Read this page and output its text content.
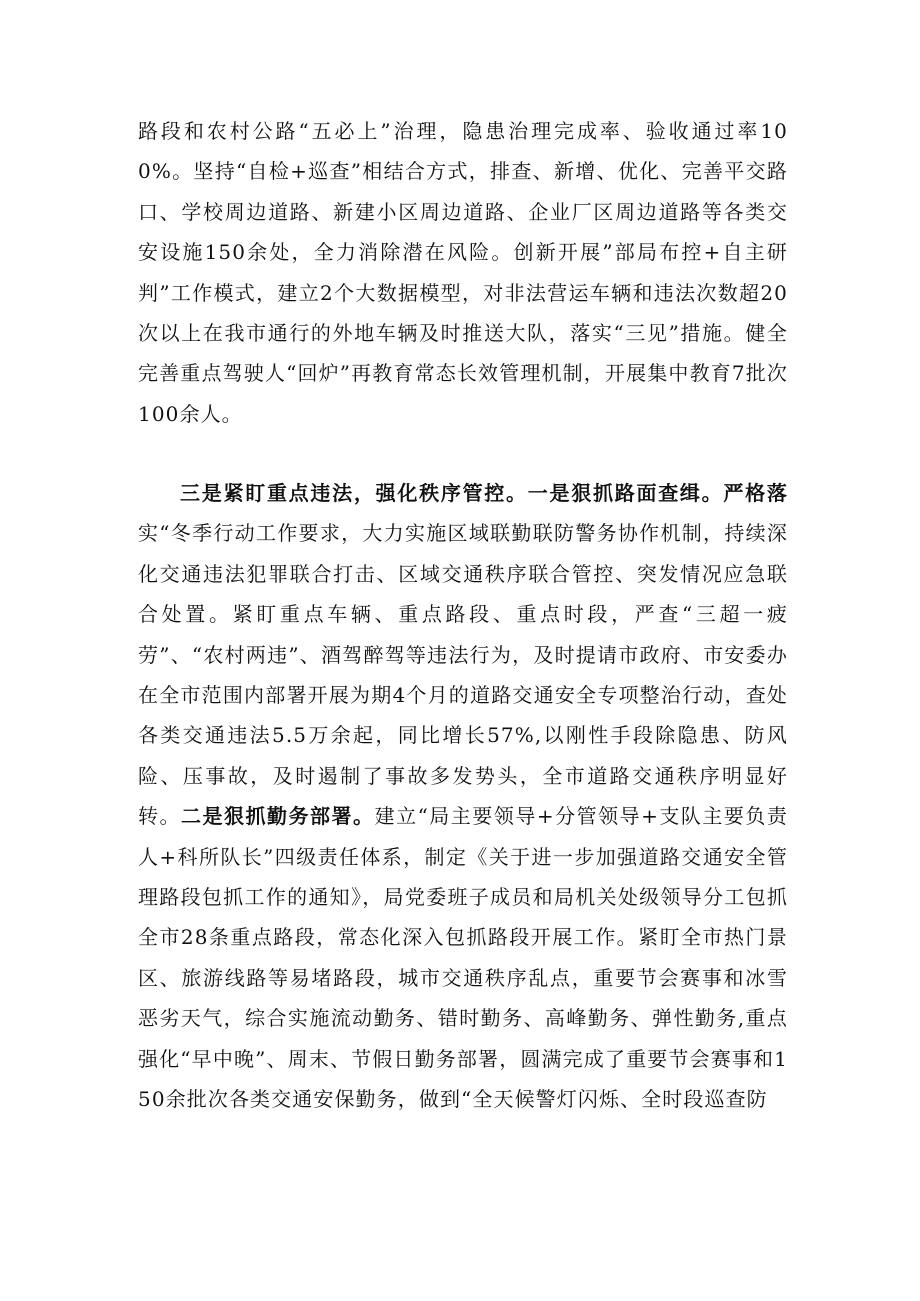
路段和农村公路“五必上”治理，隐患治理完成率、验收通过率100%。坚持“自检+巡查”相结合方式，排查、新增、优化、完善平交路口、学校周边道路、新建小区周边道路、企业厂区周边道路等各类交安设施150余处，全力消除潜在风险。创新开展”部局布控+自主研判”工作模式，建立2个大数据模型，对非法营运车辆和违法次数超20次以上在我市通行的外地车辆及时推送大队，落实“三见”措施。健全完善重点驾驶人“回炉”再教育常态长效管理机制，开展集中教育7批次100余人。

三是紧盯重点违法，强化秩序管控。一是狠抓路面查缉。严格落实“冬季行动工作要求，大力实施区域联勤联防警务协作机制，持续深化交通违法犯罪联合打击、区域交通秩序联合管控、突发情况应急联合处置。紧盯重点车辆、重点路段、重点时段，严查“三超一疲劳”、“农村两违”、酒驾醉驾等违法行为，及时提请市政府、市安委办在全市范围内部署开展为期4个月的道路交通安全专项整治行动，查处各类交通违法5.5万余起，同比增长57%,以刚性手段除隐患、防风险、压事故，及时遏制了事故多发势头，全市道路交通秩序明显好转。二是狠抓勤务部署。建立“局主要领导+分管领导+支队主要负责人+科所队长”四级责任体系，制定《关于进一步加强道路交通安全管理路段包抓工作的通知》，局党委班子成员和局机关处级领导分工包抓全市28条重点路段，常态化深入包抓路段开展工作。紧盯全市热门景区、旅游线路等易堵路段，城市交通秩序乱点，重要节会赛事和冰雪恶劣天气，综合实施流动勤务、错时勤务、高峰勤务、弹性勤务,重点强化“早中晚”、周末、节假日勤务部署，圆满完成了重要节会赛事和150余批次各类交通安保勤务，做到“全天候警灯闪烁、全时段巡查防
